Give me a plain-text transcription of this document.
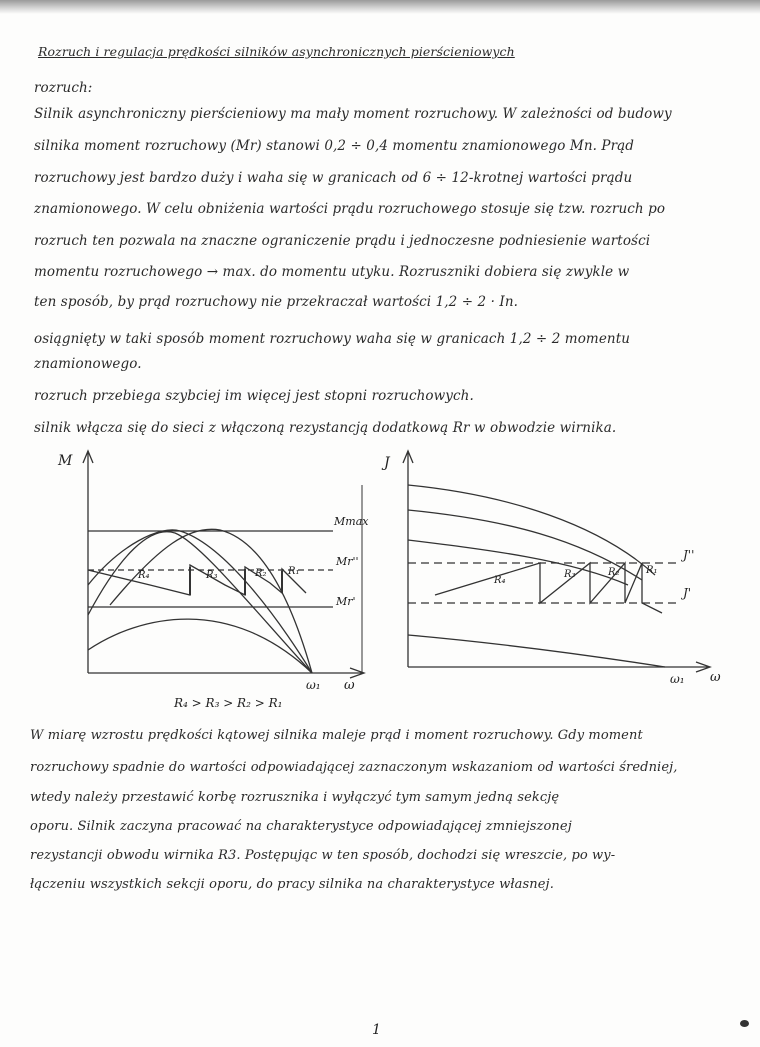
Rozruch i regulacja prędkości silników asynchronicznych pierścieniowych
rozruch:
Silnik asynchroniczny pierścieniowy ma mały moment rozruchowy. W zależności od budowy
silnika moment rozruchowy (Mr) stanowi 0,2 ÷ 0,4 momentu znamionowego Mn. Prąd
rozruchowy jest bardzo duży i waha się w granicach od 6 ÷ 12-krotnej wartości prądu
znamionowego. W celu obniżenia wartości prądu rozruchowego stosuje się tzw. rozruch po
rozruch ten pozwala na znaczne ograniczenie prądu i jednoczesne podniesienie wartości
momentu rozruchowego → max. do momentu utyku. Rozruszniki dobiera się zwykle w
ten sposób, by prąd rozruchowy nie przekraczał wartości 1,2 ÷ 2 · In.
osiągnięty w taki sposób moment rozruchowy waha się w granicach 1,2 ÷ 2 momentu
znamionowego.
rozruch przebiega szybciej im więcej jest stopni rozruchowych.
silnik włącza się do sieci z włączoną rezystancją dodatkową Rr w obwodzie wirnika.
M
Mmax
Mr''
Mr'
R₄	R₃	R₂ R₁
ω₁ ω
R₄ > R₃ > R₂ > R₁
J
J''
J'
R₄
R₃	R₂	R₁
ω₁ ω
W miarę wzrostu prędkości kątowej silnika maleje prąd i moment rozruchowy. Gdy moment
rozruchowy spadnie do wartości odpowiadającej zaznaczonym wskazaniom od wartości średniej,
wtedy należy przestawić korbę rozrusznika i wyłączyć tym samym jedną sekcję
oporu. Silnik zaczyna pracować na charakterystyce odpowiadającej zmniejszonej
rezystancji obwodu wirnika R3. Postępując w ten sposób, dochodzi się wreszcie, po wy-
łączeniu wszystkich sekcji oporu, do pracy silnika na charakterystyce własnej.
1
